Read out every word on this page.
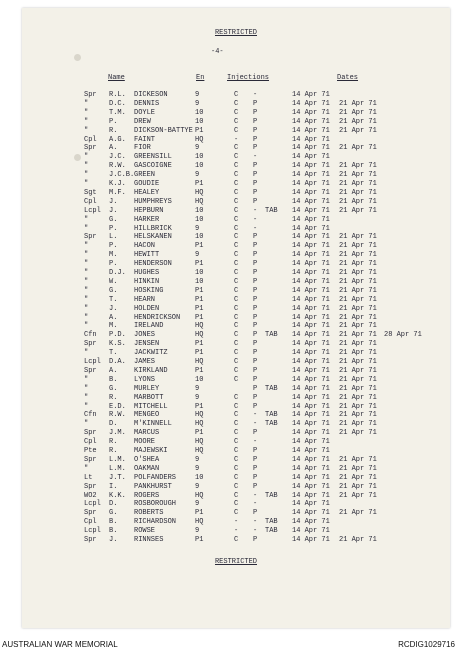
RESTRICTED
-4-
Name	En	Injections	Dates
Spr R.L. DICKESON	9	C -	14 Apr 71
"	D.C. DENNIS	9	C P	14 Apr 71 21 Apr 71
"	T.M. DOYLE	10	C P	14 Apr 71 21 Apr 71
"	P. DREW	10	C P	14 Apr 71 21 Apr 71
"	R. DICKSON-BATTYE P1	C P	14 Apr 71 21 Apr 71
Cpl A.G. FAINT	HQ	- P	14 Apr 71
Spr A. FIOR	9	C P	14 Apr 71 21 Apr 71
"	J.C. GREENSILL	10	C -	14 Apr 71
"	R.W. GASCOIGNE	10	C P	14 Apr 71 21 Apr 71
"	J.C.B. GREEN	9	C P	14 Apr 71 21 Apr 71
"	K.J. GOUDIE	P1	C P	14 Apr 71 21 Apr 71
Sgt M.F. HEALEY	HQ	C P	14 Apr 71 21 Apr 71
Cpl J. HUMPHREYS	HQ	C P	14 Apr 71 21 Apr 71
Lcpl J. HEPBURN	10	C - TAB 14 Apr 71 21 Apr 71
"	G. HARKER	10	C -	14 Apr 71
"	P. HILLBRICK	9	C -	14 Apr 71
Spr L. HELSKANEN	10	C P	14 Apr 71 21 Apr 71
"	P. HACON	P1	C P	14 Apr 71 21 Apr 71
"	M. HEWITT	9	C P	14 Apr 71 21 Apr 71
"	P. HENDERSON	P1	C P	14 Apr 71 21 Apr 71
"	D.J. HUGHES	10	C P	14 Apr 71 21 Apr 71
"	W. HINKIN	10	C P	14 Apr 71 21 Apr 71
"	G. HOSKING	P1	C P	14 Apr 71 21 Apr 71
"	T. HEARN	P1	C P	14 Apr 71 21 Apr 71
"	J. HOLDEN	P1	C P	14 Apr 71 21 Apr 71
"	A. HENDRICKSON P1	C P	14 Apr 71 21 Apr 71
"	M. IRELAND	HQ	C P	14 Apr 71 21 Apr 71
Cfn P.D. JONES	HQ	C P TAB 14 Apr 71 21 Apr 71 28 Apr 71
Spr K.S. JENSEN	P1	C P	14 Apr 71 21 Apr 71
"	T. JACKWITZ	P1	C P	14 Apr 71 21 Apr 71
Lcpl D.A. JAMES	HQ	C P	14 Apr 71 21 Apr 71
Spr A. KIRKLAND	P1	C P	14 Apr 71 21 Apr 71
"	B. LYONS	10	C P	14 Apr 71 21 Apr 71
"	G. MURLEY	9	P TAB 14 Apr 71 21 Apr 71
"	R. MARBOTT	9	C P	14 Apr 71 21 Apr 71
"	E.D. MITCHELL	P1	C P	14 Apr 71 21 Apr 71
Cfn R.W. MENGEO	HQ	C - TAB 14 Apr 71 21 Apr 71
"	D. M'KINNELL	HQ	C - TAB 14 Apr 71 21 Apr 71
Spr J.M. MARCUS	P1	C P	14 Apr 71 21 Apr 71
Cpl R. MOORE	HQ	C -	14 Apr 71
Pte R. MAJEWSKI	HQ	C P	14 Apr 71
Spr L.M. O'SHEA	9	C P	14 Apr 71 21 Apr 71
"	L.M. OAKMAN	9	C P	14 Apr 71 21 Apr 71
Lt J.T. POLFANDERS	10	C P	14 Apr 71 21 Apr 71
Spr I. PANKHURST	9	C P	14 Apr 71 21 Apr 71
WO2 K.K. ROGERS	HQ	C - TAB 14 Apr 71 21 Apr 71
Lcpl D. ROSBOROUGH	9	C -	14 Apr 71
Spr G. ROBERTS	P1	C P	14 Apr 71 21 Apr 71
Cpl B. RICHARDSON	HQ	- - TAB 14 Apr 71
Lcpl B. ROWSE	9	- - TAB 14 Apr 71
Spr J. RINNSES	P1	C P	14 Apr 71 21 Apr 71
RESTRICTED
AUSTRALIAN WAR MEMORIAL	RCDIG1029716
